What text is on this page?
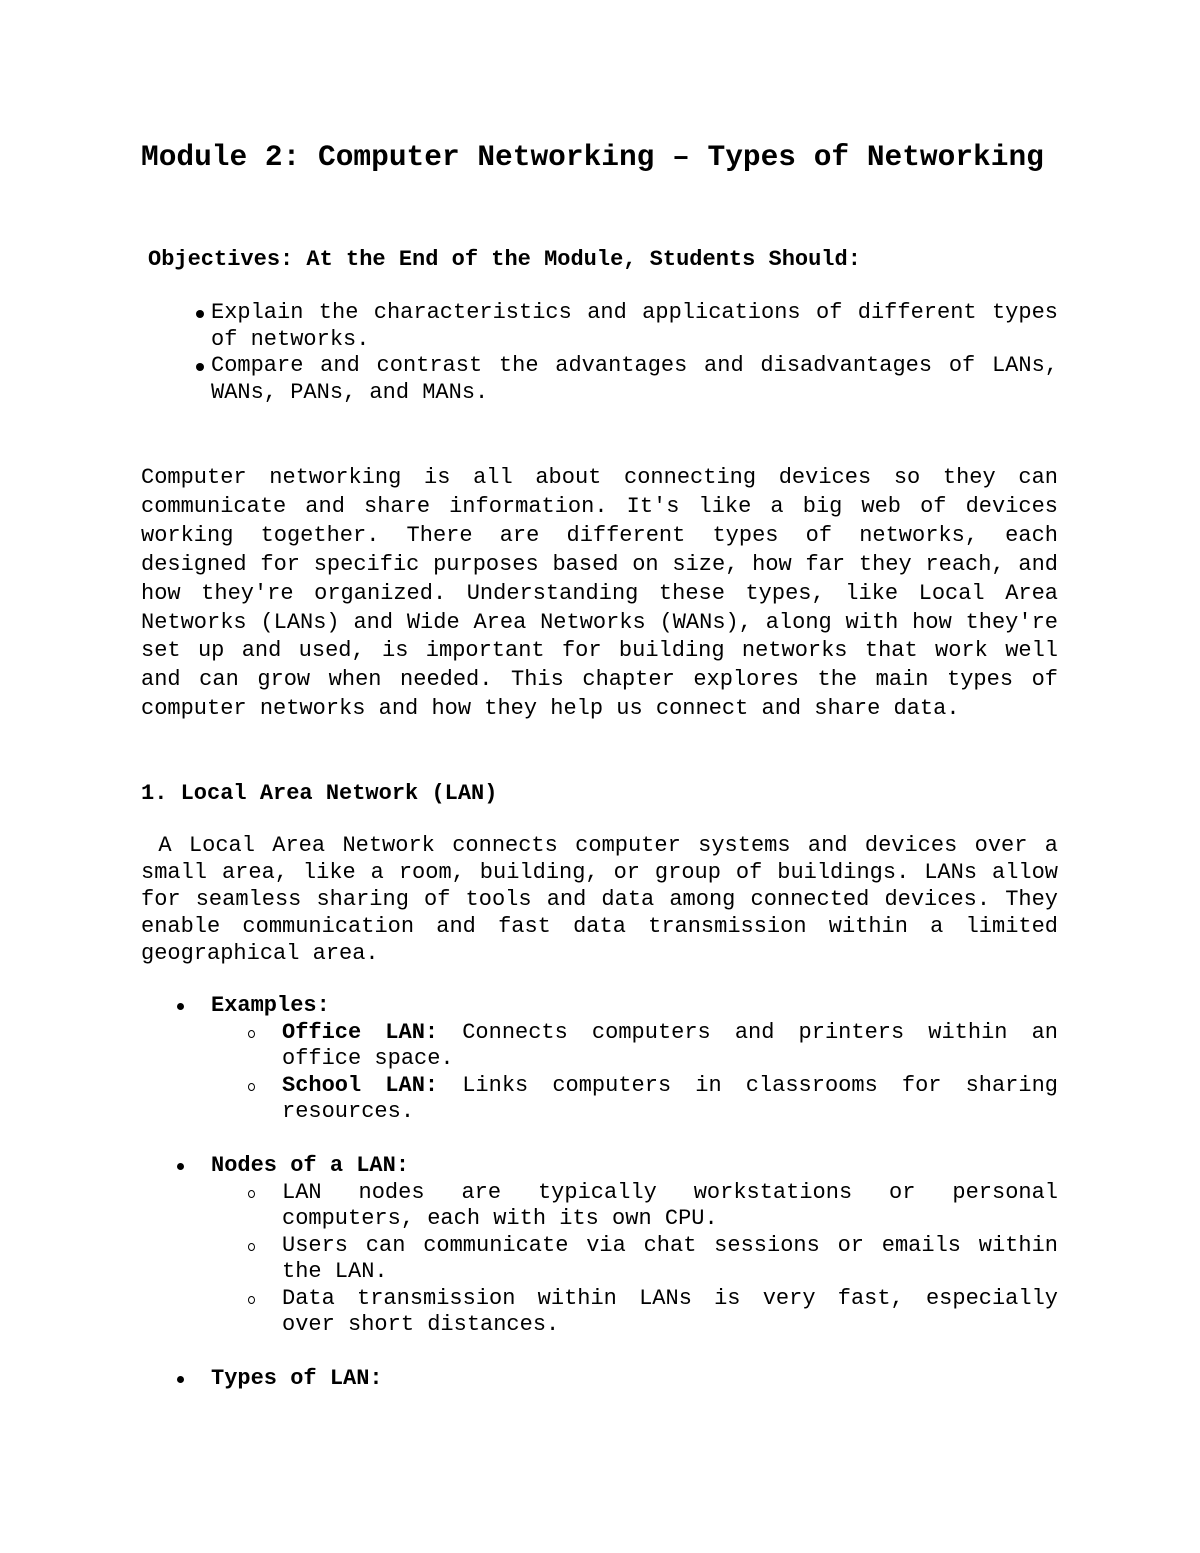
Module 2: Computer Networking – Types of Networking

Objectives: At the End of the Module, Students Should:

Explain the characteristics and applications of different types of networks.
Compare and contrast the advantages and disadvantages of LANs, WANs, PANs, and MANs.

Computer networking is all about connecting devices so they can communicate and share information. It's like a big web of devices working together. There are different types of networks, each designed for specific purposes based on size, how far they reach, and how they're organized. Understanding these types, like Local Area Networks (LANs) and Wide Area Networks (WANs), along with how they're set up and used, is important for building networks that work well and can grow when needed. This chapter explores the main types of computer networks and how they help us connect and share data.

1. Local Area Network (LAN)

A Local Area Network connects computer systems and devices over a small area, like a room, building, or group of buildings. LANs allow for seamless sharing of tools and data among connected devices. They enable communication and fast data transmission within a limited geographical area.

Examples:
Office LAN: Connects computers and printers within an office space.
School LAN: Links computers in classrooms for sharing resources.
Nodes of a LAN:
LAN nodes are typically workstations or personal computers, each with its own CPU.
Users can communicate via chat sessions or emails within the LAN.
Data transmission within LANs is very fast, especially over short distances.
Types of LAN:
